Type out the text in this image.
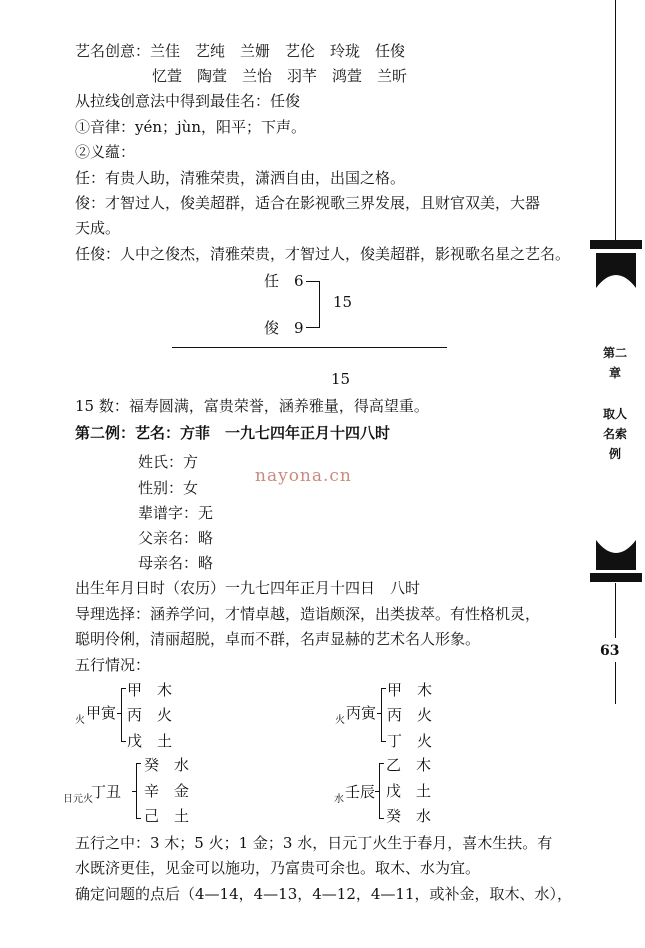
艺名创意：兰佳　艺纯　兰姗　艺伦　玲珑　任俊
忆萱　陶萱　兰怡　羽芊　鸿萱　兰昕
从拉线创意法中得到最佳名：任俊
①音律：yén；jùn，阳平；下声。
②义蕴：
任：有贵人助，清雅荣贵，潇洒自由，出国之格。
俊：才智过人，俊美超群，适合在影视歌三界发展，且财官双美，大器
天成。
任俊：人中之俊杰，清雅荣贵，才智过人，俊美超群，影视歌名星之艺名。
任 6
俊 9
15
15
15 数：福寿圆满，富贵荣誉，涵养雅量，得高望重。
第二例：艺名：方菲　一九七四年正月十四八时
姓氏：方
性别：女
辈谱字：无
父亲名：略
母亲名：略
出生年月日时（农历）一九七四年正月十四日　八时
导理选择：涵养学问，才情卓越，造诣颇深，出类拔萃。有性格机灵，
聪明伶俐，清丽超脱，卓而不群，名声显赫的艺术名人形象。
五行情况：
火 甲寅
甲　木
丙　火
戊　土
火 丙寅
甲　木
丙　火
丁　火
日元火
丁丑
癸　水
辛　金
己　土
水 壬辰
乙　木
戊　土
癸　水
五行之中：3 木；5 火；1 金；3 水，日元丁火生于春月，喜木生扶。有
水既济更佳，见金可以施功，乃富贵可余也。取木、水为宜。
确定问题的点后（4—14，4—13，4—12，4—11，或补金，取木、水），
nayona.cn
第二章
取人名索例
63
